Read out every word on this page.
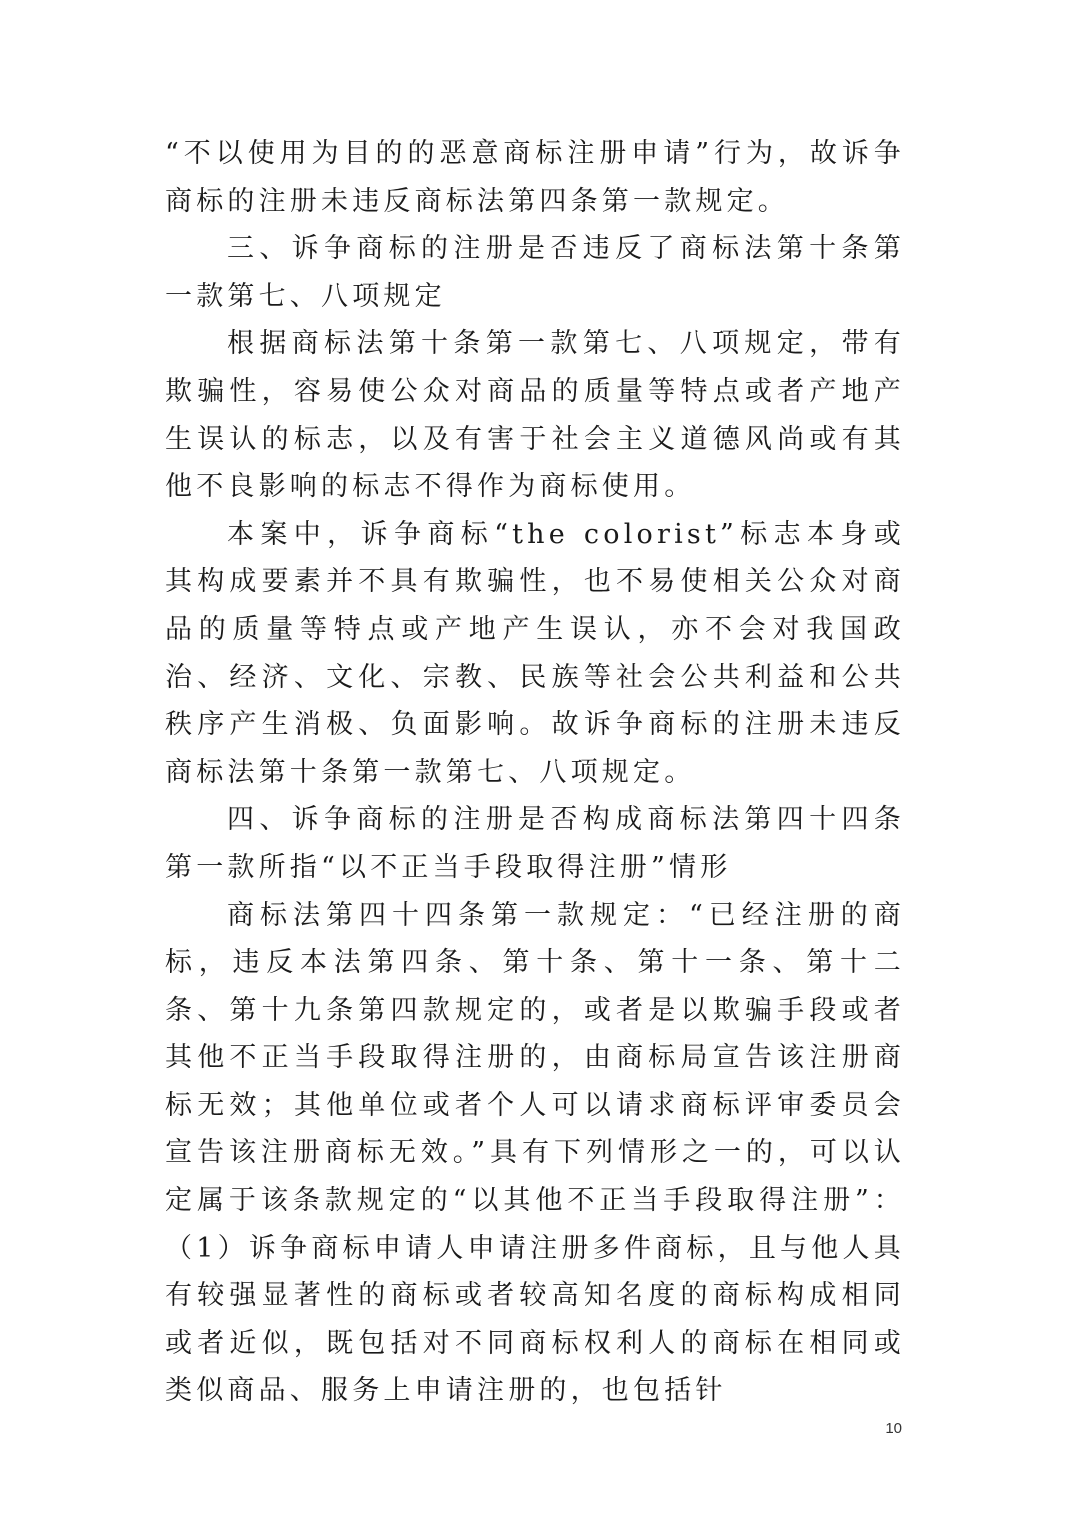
“不以使用为目的的恶意商标注册申请”行为，故诉争商标的注册未违反商标法第四条第一款规定。

三、诉争商标的注册是否违反了商标法第十条第一款第七、八项规定

根据商标法第十条第一款第七、八项规定，带有欺骗性，容易使公众对商品的质量等特点或者产地产生误认的标志，以及有害于社会主义道德风尚或有其他不良影响的标志不得作为商标使用。

本案中，诉争商标“the colorist”标志本身或其构成要素并不具有欺骗性，也不易使相关公众对商品的质量等特点或产地产生误认，亦不会对我国政治、经济、文化、宗教、民族等社会公共利益和公共秩序产生消极、负面影响。故诉争商标的注册未违反商标法第十条第一款第七、八项规定。

四、诉争商标的注册是否构成商标法第四十四条第一款所指“以不正当手段取得注册”情形

商标法第四十四条第一款规定：“已经注册的商标，违反本法第四条、第十条、第十一条、第十二条、第十九条第四款规定的，或者是以欺骗手段或者其他不正当手段取得注册的，由商标局宣告该注册商标无效；其他单位或者个人可以请求商标评审委员会宣告该注册商标无效。”具有下列情形之一的，可以认定属于该条款规定的“以其他不正当手段取得注册”：（1）诉争商标申请人申请注册多件商标，且与他人具有较强显著性的商标或者较高知名度的商标构成相同或者近似，既包括对不同商标权利人的商标在相同或类似商品、服务上申请注册的，也包括针

10
